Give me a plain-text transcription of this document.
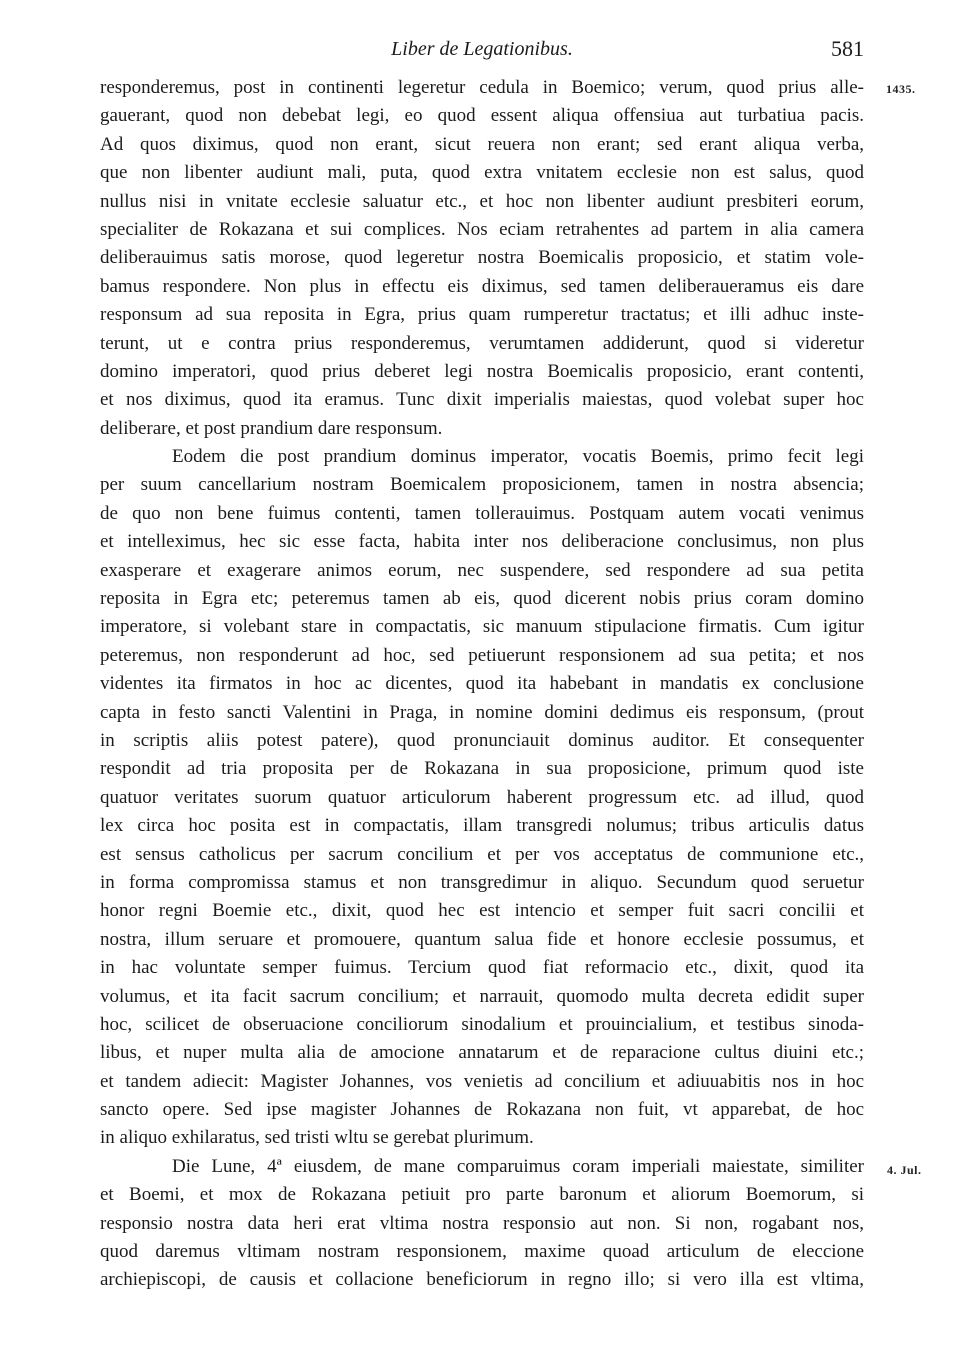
Liber de Legationibus.	581
1435.
4. Jul.
responderemus, post in continenti legeretur cedula in Boemico; verum, quod prius alle-
gauerant, quod non debebat legi, eo quod essent aliqua offensiua aut turbatiua pacis.
Ad quos diximus, quod non erant, sicut reuera non erant; sed erant aliqua verba,
que non libenter audiunt mali, puta, quod extra vnitatem ecclesie non est salus, quod
nullus nisi in vnitate ecclesie saluatur etc., et hoc non libenter audiunt presbiteri eorum,
specialiter de Rokazana et sui complices. Nos eciam retrahentes ad partem in alia camera
deliberauimus satis morose, quod legeretur nostra Boemicalis proposicio, et statim vole-
bamus respondere. Non plus in effectu eis diximus, sed tamen deliberaueramus eis dare
responsum ad sua reposita in Egra, prius quam rumperetur tractatus; et illi adhuc inste-
terunt, ut e contra prius responderemus, verumtamen addiderunt, quod si videretur
domino imperatori, quod prius deberet legi nostra Boemicalis proposicio, erant contenti,
et nos diximus, quod ita eramus. Tunc dixit imperialis maiestas, quod volebat super hoc
deliberare, et post prandium dare responsum.
Eodem die post prandium dominus imperator, vocatis Boemis, primo fecit legi
per suum cancellarium nostram Boemicalem proposicionem, tamen in nostra absencia;
de quo non bene fuimus contenti, tamen tollerauimus. Postquam autem vocati venimus
et intelleximus, hec sic esse facta, habita inter nos deliberacione conclusimus, non plus
exasperare et exagerare animos eorum, nec suspendere, sed respondere ad sua petita
reposita in Egra etc; peteremus tamen ab eis, quod dicerent nobis prius coram domino
imperatore, si volebant stare in compactatis, sic manuum stipulacione firmatis. Cum igitur
peteremus, non responderunt ad hoc, sed petiuerunt responsionem ad sua petita; et nos
videntes ita firmatos in hoc ac dicentes, quod ita habebant in mandatis ex conclusione
capta in festo sancti Valentini in Praga, in nomine domini dedimus eis responsum, (prout
in scriptis aliis potest patere), quod pronunciauit dominus auditor. Et consequenter
respondit ad tria proposita per de Rokazana in sua proposicione, primum quod iste
quatuor veritates suorum quatuor articulorum haberent progressum etc. ad illud, quod
lex circa hoc posita est in compactatis, illam transgredi nolumus; tribus articulis datus
est sensus catholicus per sacrum concilium et per vos acceptatus de communione etc.,
in forma compromissa stamus et non transgredimur in aliquo. Secundum quod seruetur
honor regni Boemie etc., dixit, quod hec est intencio et semper fuit sacri concilii et
nostra, illum seruare et promouere, quantum salua fide et honore ecclesie possumus, et
in hac voluntate semper fuimus. Tercium quod fiat reformacio etc., dixit, quod ita
volumus, et ita facit sacrum concilium; et narrauit, quomodo multa decreta edidit super
hoc, scilicet de obseruacione conciliorum sinodalium et prouincialium, et testibus sinoda-
libus, et nuper multa alia de amocione annatarum et de reparacione cultus diuini etc.;
et tandem adiecit: Magister Johannes, vos venietis ad concilium et adiuuabitis nos in hoc
sancto opere. Sed ipse magister Johannes de Rokazana non fuit, vt apparebat, de hoc
in aliquo exhilaratus, sed tristi wltu se gerebat plurimum.
Die Lune, 4ª eiusdem, de mane comparuimus coram imperiali maiestate, similiter
et Boemi, et mox de Rokazana petiuit pro parte baronum et aliorum Boemorum, si
responsio nostra data heri erat vltima nostra responsio aut non. Si non, rogabant nos,
quod daremus vltimam nostram responsionem, maxime quoad articulum de eleccione
archiepiscopi, de causis et collacione beneficiorum in regno illo; si vero illa est vltima,
